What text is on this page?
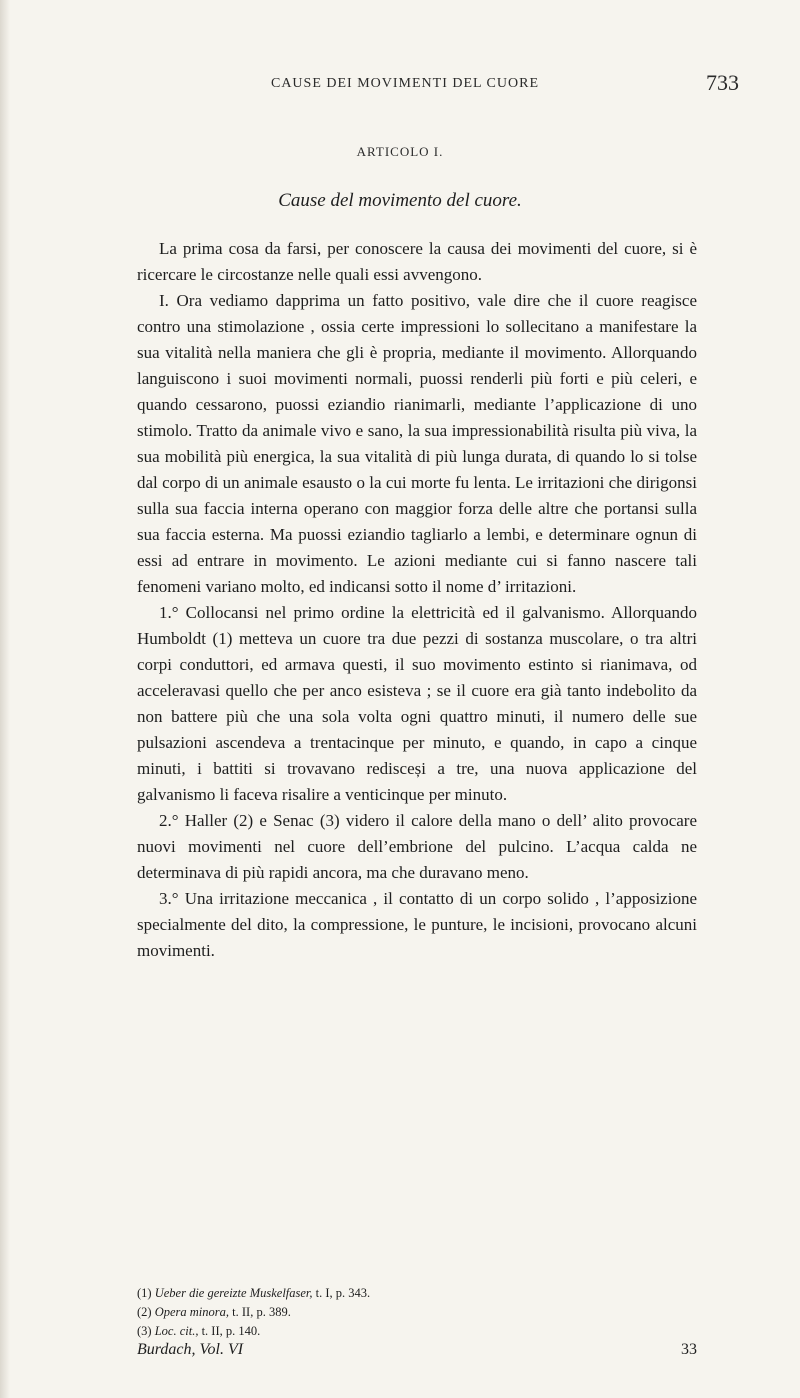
CAUSE DEI MOVIMENTI DEL CUORE	733
ARTICOLO I.
Cause del movimento del cuore.

La prima cosa da farsi, per conoscere la causa dei movimenti del cuore, si è ricercare le circostanze nelle quali essi avvengono.

I. Ora vediamo dapprima un fatto positivo, vale dire che il cuore reagisce contro una stimolazione , ossia certe impressioni lo sollecitano a manifestare la sua vitalità nella maniera che gli è propria, mediante il movimento. Allorquando languiscono i suoi movimenti normali, puossi renderli più forti e più celeri, e quando cessarono, puossi eziandio rianimarli, mediante l’applicazione di uno stimolo. Tratto da animale vivo e sano, la sua impressionabilità risulta più viva, la sua mobilità più energica, la sua vitalità di più lunga durata, di quando lo si tolse dal corpo di un animale esausto o la cui morte fu lenta. Le irritazioni che dirigonsi sulla sua faccia interna operano con maggior forza delle altre che portansi sulla sua faccia esterna. Ma puossi eziandio tagliarlo a lembi, e determinare ognun di essi ad entrare in movimento. Le azioni mediante cui si fanno nascere tali fenomeni variano molto, ed indicansi sotto il nome d’ irritazioni.

1.° Collocansi nel primo ordine la elettricità ed il galvanismo. Allorquando Humboldt (1) metteva un cuore tra due pezzi di sostanza muscolare, o tra altri corpi conduttori, ed armava questi, il suo movimento estinto si rianimava, od acceleravasi quello che per anco esisteva ; se il cuore era già tanto indebolito da non battere più che una sola volta ogni quattro minuti, il numero delle sue pulsazioni ascendeva a trentacinque per minuto, e quando, in capo a cinque minuti, i battiti si trovavano redisceși a tre, una nuova applicazione del galvanismo li faceva risalire a venticinque per minuto.

2.° Haller (2) e Senac (3) videro il calore della mano o dell’ alito provocare nuovi movimenti nel cuore dell’embrione del pulcino. L’acqua calda ne determinava di più rapidi ancora, ma che duravano meno.

3.° Una irritazione meccanica , il contatto di un corpo solido , l’apposizione specialmente del dito, la compressione, le punture, le incisioni, provocano alcuni movimenti.

(1) Ueber die gereizte Muskelfaser, t. I, p. 343.

(2) Opera minora, t. II, p. 389.

(3) Loc. cit., t. II, p. 140.

Burdach, Vol. VI	33
